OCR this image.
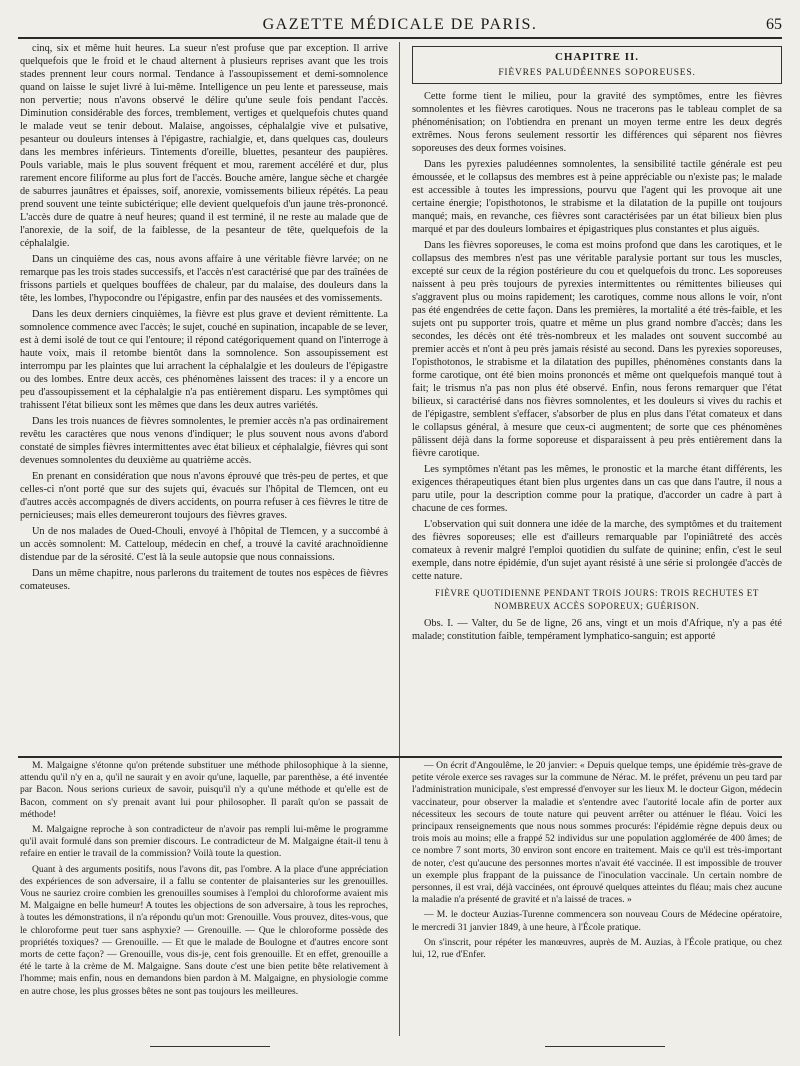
GAZETTE MÉDICALE DE PARIS.	65

cinq, six et même huit heures. La sueur n'est profuse que par exception. Il arrive quelquefois que le froid et le chaud alternent à plusieurs reprises avant que les trois stades prennent leur cours normal. Tendance à l'assoupissement et demi-somnolence quand on laisse le sujet livré à lui-même. Intelligence un peu lente et paresseuse, mais non pervertie; nous n'avons observé le délire qu'une seule fois pendant l'accès. Diminution considérable des forces, tremblement, vertiges et quelquefois chutes quand le malade veut se tenir debout. Malaise, angoisses, céphalalgie vive et pulsative, pesanteur ou douleurs intenses à l'épigastre, rachialgie, et, dans quelques cas, douleurs dans les membres inférieurs. Tintements d'oreille, bluettes, pesanteur des paupières. Pouls variable, mais le plus souvent fréquent et mou, rarement accéléré et dur, plus rarement encore filiforme au plus fort de l'accès. Bouche amère, langue sèche et chargée de saburres jaunâtres et épaisses, soif, anorexie, vomissements bilieux répétés. La peau prend souvent une teinte subictérique; elle devient quelquefois d'un jaune très-prononcé. L'accès dure de quatre à neuf heures; quand il est terminé, il ne reste au malade que de l'anorexie, de la soif, de la faiblesse, de la pesanteur de tête, quelquefois de la céphalalgie.

Dans un cinquième des cas, nous avons affaire à une véritable fièvre larvée; on ne remarque pas les trois stades successifs, et l'accès n'est caractérisé que par des traînées de frissons partiels et quelques bouffées de chaleur, par du malaise, des douleurs dans la tête, les lombes, l'hypocondre ou l'épigastre, enfin par des nausées et des vomissements.

Dans les deux derniers cinquièmes, la fièvre est plus grave et devient rémittente. La somnolence commence avec l'accès; le sujet, couché en supination, incapable de se lever, est à demi isolé de tout ce qui l'entoure; il répond catégoriquement quand on l'interroge à haute voix, mais il retombe bientôt dans la somnolence. Son assoupissement est interrompu par les plaintes que lui arrachent la céphalalgie et les douleurs de l'épigastre ou des lombes. Entre deux accès, ces phénomènes laissent des traces: il y a encore un peu d'assoupissement et la céphalalgie n'a pas entièrement disparu. Les symptômes qui trahissent l'état bilieux sont les mêmes que dans les deux autres variétés.

Dans les trois nuances de fièvres somnolentes, le premier accès n'a pas ordinairement revêtu les caractères que nous venons d'indiquer; le plus souvent nous avons d'abord constaté de simples fièvres intermittentes avec état bilieux et céphalalgie, fièvres qui sont devenues somnolentes du deuxième au quatrième accès.

En prenant en considération que nous n'avons éprouvé que très-peu de pertes, et que celles-ci n'ont porté que sur des sujets qui, évacués sur l'hôpital de Tlemcen, ont eu d'autres accès accompagnés de divers accidents, on pourra refuser à ces fièvres le titre de pernicieuses; mais elles demeureront toujours des fièvres graves.

Un de nos malades de Oued-Chouli, envoyé à l'hôpital de Tlemcen, y a succombé à un accès somnolent: M. Catteloup, médecin en chef, a trouvé la cavité arachnoïdienne distendue par de la sérosité. C'est là la seule autopsie que nous connaissions.

Dans un même chapitre, nous parlerons du traitement de toutes nos espèces de fièvres comateuses.

CHAPITRE II.
FIÈVRES PALUDÉENNES SOPOREUSES.

Cette forme tient le milieu, pour la gravité des symptômes, entre les fièvres somnolentes et les fièvres carotiques. Nous ne tracerons pas le tableau complet de sa phénoménisation; on l'obtiendra en prenant un moyen terme entre les deux degrés extrêmes. Nous ferons seulement ressortir les différences qui séparent nos fièvres soporeuses des deux formes voisines.

Dans les pyrexies paludéennes somnolentes, la sensibilité tactile générale est peu émoussée, et le collapsus des membres est à peine appréciable ou n'existe pas; le malade est accessible à toutes les impressions, pourvu que l'agent qui les provoque ait une certaine énergie; l'opisthotonos, le strabisme et la dilatation de la pupille ont toujours manqué; mais, en revanche, ces fièvres sont caractérisées par un état bilieux bien plus marqué et par des douleurs lombaires et épigastriques plus constantes et plus aiguës.

Dans les fièvres soporeuses, le coma est moins profond que dans les carotiques, et le collapsus des membres n'est pas une véritable paralysie portant sur tous les muscles, excepté sur ceux de la région postérieure du cou et quelquefois du tronc. Les soporeuses naissent à peu près toujours de pyrexies intermittentes ou rémittentes bilieuses qui s'aggravent plus ou moins rapidement; les carotiques, comme nous allons le voir, n'ont pas été engendrées de cette façon. Dans les premières, la mortalité a été très-faible, et les sujets ont pu supporter trois, quatre et même un plus grand nombre d'accès; dans les secondes, les décès ont été très-nombreux et les malades ont souvent succombé au premier accès et n'ont à peu près jamais résisté au second. Dans les pyrexies soporeuses, l'opisthotonos, le strabisme et la dilatation des pupilles, phénomènes constants dans la forme carotique, ont été bien moins prononcés et même ont quelquefois manqué tout à fait; le trismus n'a pas non plus été observé. Enfin, nous ferons remarquer que l'état bilieux, si caractérisé dans nos fièvres somnolentes, et les douleurs si vives du rachis et de l'épigastre, semblent s'effacer, s'absorber de plus en plus dans l'état comateux et dans le collapsus général, à mesure que ceux-ci augmentent; de sorte que ces phénomènes pâlissent déjà dans la forme soporeuse et disparaissent à peu près entièrement dans la fièvre carotique.

Les symptômes n'étant pas les mêmes, le pronostic et la marche étant différents, les exigences thérapeutiques étant bien plus urgentes dans un cas que dans l'autre, il nous a paru utile, pour la description comme pour la pratique, d'accorder un cadre à part à chacune de ces formes.

L'observation qui suit donnera une idée de la marche, des symptômes et du traitement des fièvres soporeuses; elle est d'ailleurs remarquable par l'opiniâtreté des accès comateux à revenir malgré l'emploi quotidien du sulfate de quinine; enfin, c'est le seul exemple, dans notre épidémie, d'un sujet ayant résisté à une série si prolongée d'accès de cette nature.

FIÈVRE QUOTIDIENNE PENDANT TROIS JOURS: TROIS RECHUTES ET NOMBREUX ACCÈS SOPOREUX; GUÉRISON.

Obs. I. — Valter, du 5e de ligne, 26 ans, vingt et un mois d'Afrique, n'y a pas été malade; constitution faible, tempérament lymphatico-sanguin; est apporté

M. Malgaigne s'étonne qu'on prétende substituer une méthode philosophique à la sienne, attendu qu'il n'y en a, qu'il ne saurait y en avoir qu'une, laquelle, par parenthèse, a été inventée par Bacon. Nous serions curieux de savoir, puisqu'il n'y a qu'une méthode et qu'elle est de Bacon, comment on s'y prenait avant lui pour philosopher. Il paraît qu'on se passait de méthode!

M. Malgaigne reproche à son contradicteur de n'avoir pas rempli lui-même le programme qu'il avait formulé dans son premier discours. Le contradicteur de M. Malgaigne était-il tenu à refaire en entier le travail de la commission? Voilà toute la question.

Quant à des arguments positifs, nous l'avons dit, pas l'ombre. A la place d'une appréciation des expériences de son adversaire, il a fallu se contenter de plaisanteries sur les grenouilles. Vous ne sauriez croire combien les grenouilles soumises à l'emploi du chloroforme avaient mis M. Malgaigne en belle humeur! A toutes les objections de son adversaire, à tous les reproches, à toutes les démonstrations, il n'a répondu qu'un mot: Grenouille. Vous prouvez, dites-vous, que le chloroforme peut tuer sans asphyxie? — Grenouille. — Que le chloroforme possède des propriétés toxiques? — Grenouille. — Et que le malade de Boulogne et d'autres encore sont morts de cette façon? — Grenouille, vous dis-je, cent fois grenouille. Et en effet, grenouille a été le tarte à la crème de M. Malgaigne. Sans doute c'est une bien petite bête relativement à l'homme; mais enfin, nous en demandons bien pardon à M. Malgaigne, en physiologie comme en autre chose, les plus grosses bêtes ne sont pas toujours les meilleures.

— On écrit d'Angoulême, le 20 janvier: « Depuis quelque temps, une épidémie très-grave de petite vérole exerce ses ravages sur la commune de Nérac. M. le préfet, prévenu un peu tard par l'administration municipale, s'est empressé d'envoyer sur les lieux M. le docteur Gigon, médecin vaccinateur, pour observer la maladie et s'entendre avec l'autorité locale afin de porter aux nécessiteux les secours de toute nature qui peuvent arrêter ou atténuer le fléau. Voici les principaux renseignements que nous nous sommes procurés: l'épidémie règne depuis deux ou trois mois au moins; elle a frappé 52 individus sur une population agglomérée de 400 âmes; de ce nombre 7 sont morts, 30 environ sont encore en traitement. Mais ce qu'il est très-important de noter, c'est qu'aucune des personnes mortes n'avait été vaccinée. Il est impossible de trouver un exemple plus frappant de la puissance de l'inoculation vaccinale. Un certain nombre de personnes, il est vrai, déjà vaccinées, ont éprouvé quelques atteintes du fléau; mais chez aucune la maladie n'a présenté de gravité et n'a laissé de traces. »

— M. le docteur Auzias-Turenne commencera son nouveau Cours de Médecine opératoire, le mercredi 31 janvier 1849, à une heure, à l'École pratique.

On s'inscrit, pour répéter les manœuvres, auprès de M. Auzias, à l'École pratique, ou chez lui, 12, rue d'Enfer.
